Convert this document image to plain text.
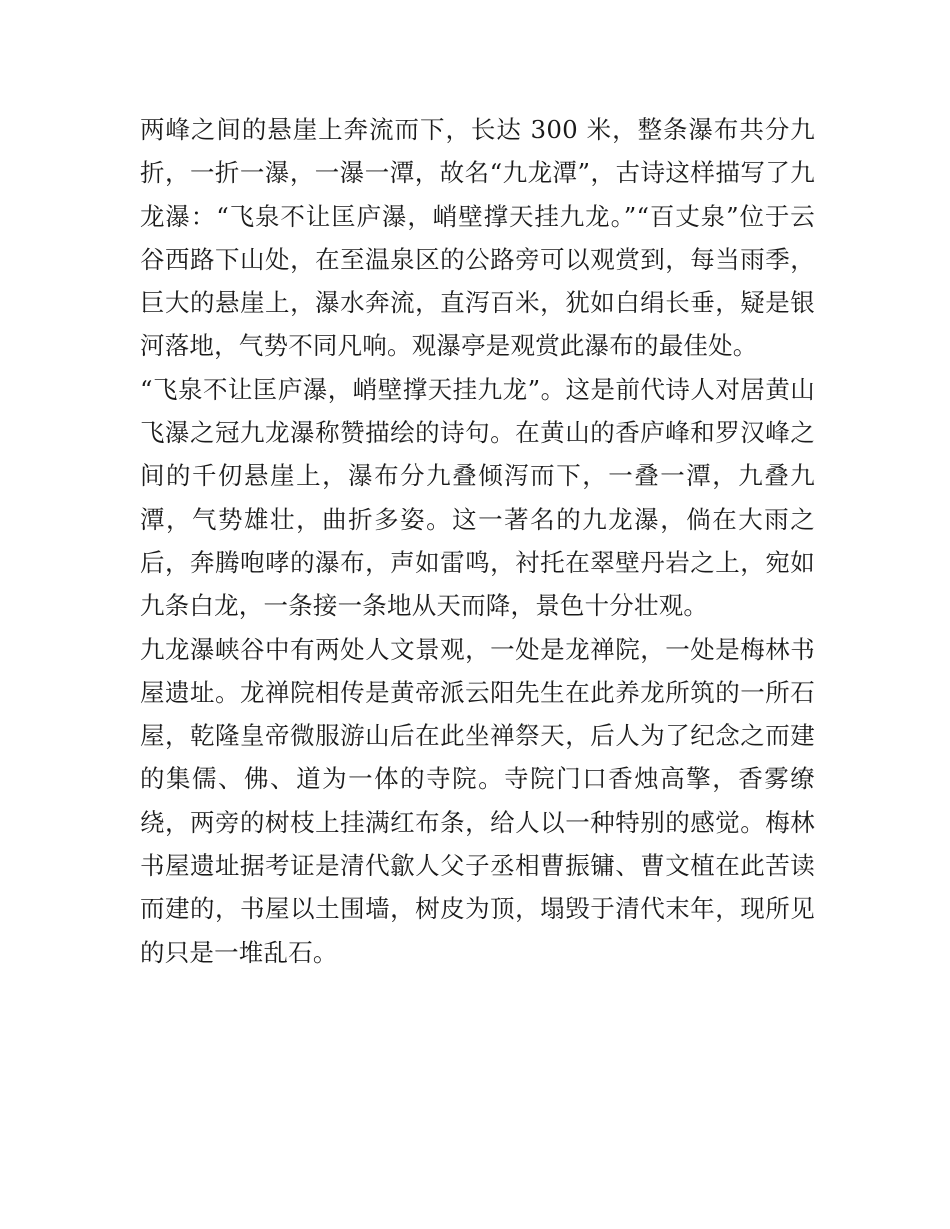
两峰之间的悬崖上奔流而下，长达 300 米，整条瀑布共分九
折，一折一瀑，一瀑一潭，故名“九龙潭”，古诗这样描写了九
龙瀑：“飞泉不让匡庐瀑，峭壁撑天挂九龙。”“百丈泉”位于云
谷西路下山处，在至温泉区的公路旁可以观赏到，每当雨季，
巨大的悬崖上，瀑水奔流，直泻百米，犹如白绢长垂，疑是银
河落地，气势不同凡响。观瀑亭是观赏此瀑布的最佳处。
“飞泉不让匡庐瀑，峭壁撑天挂九龙”。这是前代诗人对居黄山
飞瀑之冠九龙瀑称赞描绘的诗句。在黄山的香庐峰和罗汉峰之
间的千仞悬崖上，瀑布分九叠倾泻而下，一叠一潭，九叠九
潭，气势雄壮，曲折多姿。这一著名的九龙瀑，倘在大雨之
后，奔腾咆哮的瀑布，声如雷鸣，衬托在翠壁丹岩之上，宛如
九条白龙，一条接一条地从天而降，景色十分壮观。
九龙瀑峡谷中有两处人文景观，一处是龙禅院，一处是梅林书
屋遗址。龙禅院相传是黄帝派云阳先生在此养龙所筑的一所石
屋，乾隆皇帝微服游山后在此坐禅祭天，后人为了纪念之而建
的集儒、佛、道为一体的寺院。寺院门口香烛高擎，香雾缭
绕，两旁的树枝上挂满红布条，给人以一种特别的感觉。梅林
书屋遗址据考证是清代歙人父子丞相曹振镛、曹文植在此苦读
而建的，书屋以土围墙，树皮为顶，塌毁于清代末年，现所见
的只是一堆乱石。
